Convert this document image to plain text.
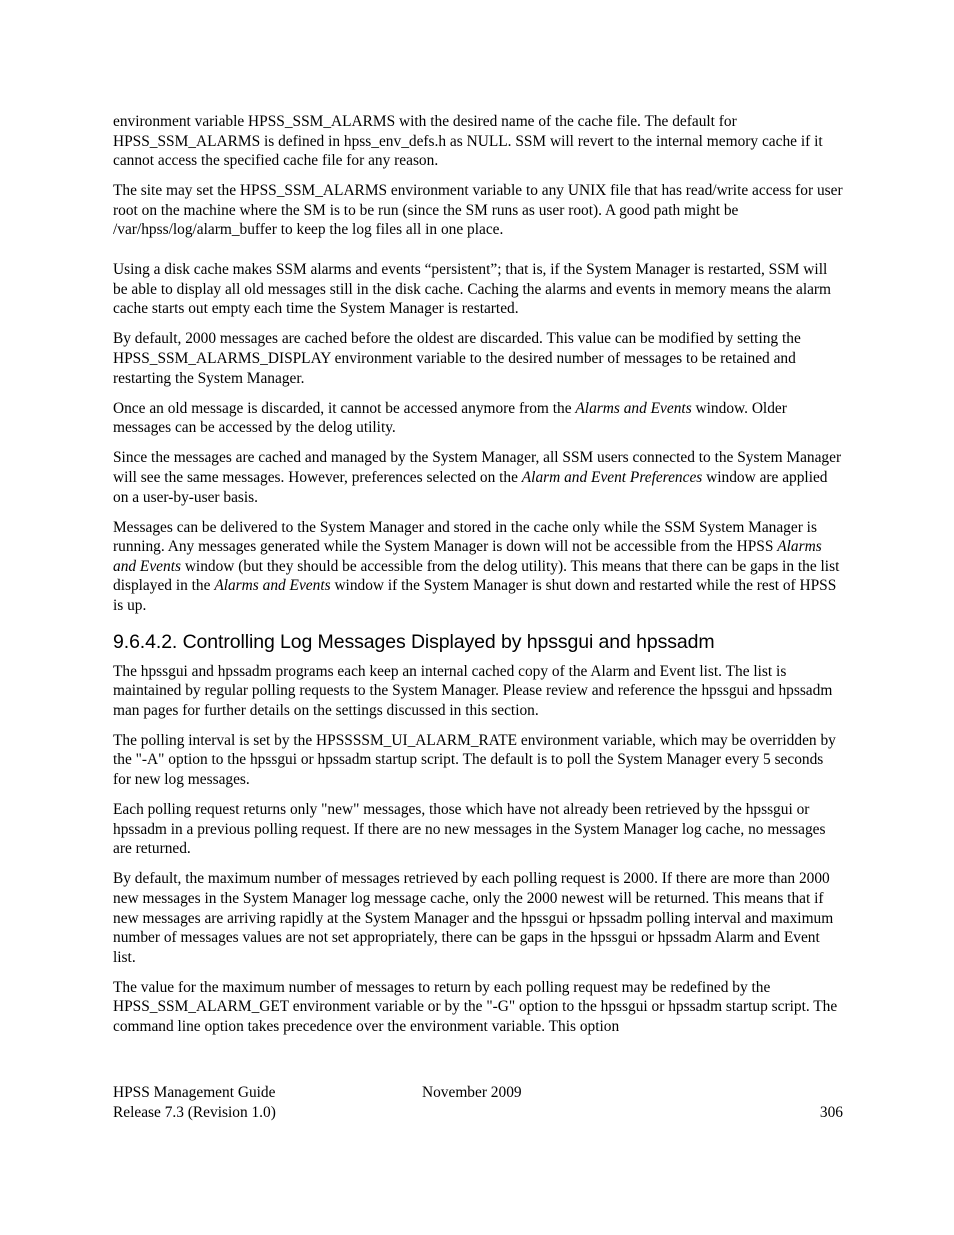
environment variable HPSS_SSM_ALARMS with the desired name of the cache file. The default for HPSS_SSM_ALARMS is defined in hpss_env_defs.h as NULL. SSM will revert to the internal memory cache if it cannot access the specified cache file for any reason.

The site may set the HPSS_SSM_ALARMS environment variable to any UNIX file that has read/write access for user root on the machine where the SM is to be run (since the SM runs as user root). A good path might be /var/hpss/log/alarm_buffer to keep the log files all in one place.

Using a disk cache makes SSM alarms and events “persistent”; that is, if the System Manager is restarted, SSM will be able to display all old messages still in the disk cache. Caching the alarms and events in memory means the alarm cache starts out empty each time the System Manager is restarted.

By default, 2000 messages are cached before the oldest are discarded. This value can be modified by setting the HPSS_SSM_ALARMS_DISPLAY environment variable to the desired number of messages to be retained and restarting the System Manager.

Once an old message is discarded, it cannot be accessed anymore from the Alarms and Events window. Older messages can be accessed by the delog utility.

Since the messages are cached and managed by the System Manager, all SSM users connected to the System Manager will see the same messages. However, preferences selected on the Alarm and Event Preferences window are applied on a user-by-user basis.

Messages can be delivered to the System Manager and stored in the cache only while the SSM System Manager is running. Any messages generated while the System Manager is down will not be accessible from the HPSS Alarms and Events window (but they should be accessible from the delog utility). This means that there can be gaps in the list displayed in the Alarms and Events window if the System Manager is shut down and restarted while the rest of HPSS is up.

9.6.4.2. Controlling Log Messages Displayed by hpssgui and hpssadm

The hpssgui and hpssadm programs each keep an internal cached copy of the Alarm and Event list. The list is maintained by regular polling requests to the System Manager. Please review and reference the hpssgui and hpssadm man pages for further details on the settings discussed in this section.

The polling interval is set by the HPSSSSM_UI_ALARM_RATE environment variable, which may be overridden by the "-A" option to the hpssgui or hpssadm startup script. The default is to poll the System Manager every 5 seconds for new log messages.

Each polling request returns only "new" messages, those which have not already been retrieved by the hpssgui or hpssadm in a previous polling request. If there are no new messages in the System Manager log cache, no messages are returned.

By default, the maximum number of messages retrieved by each polling request is 2000. If there are more than 2000 new messages in the System Manager log message cache, only the 2000 newest will be returned. This means that if new messages are arriving rapidly at the System Manager and the hpssgui or hpssadm polling interval and maximum number of messages values are not set appropriately, there can be gaps in the hpssgui or hpssadm Alarm and Event list.

The value for the maximum number of messages to return by each polling request may be redefined by the HPSS_SSM_ALARM_GET environment variable or by the "-G" option to the hpssgui or hpssadm startup script. The command line option takes precedence over the environment variable. This option

HPSS Management Guide	November 2009
Release 7.3 (Revision 1.0)	306
